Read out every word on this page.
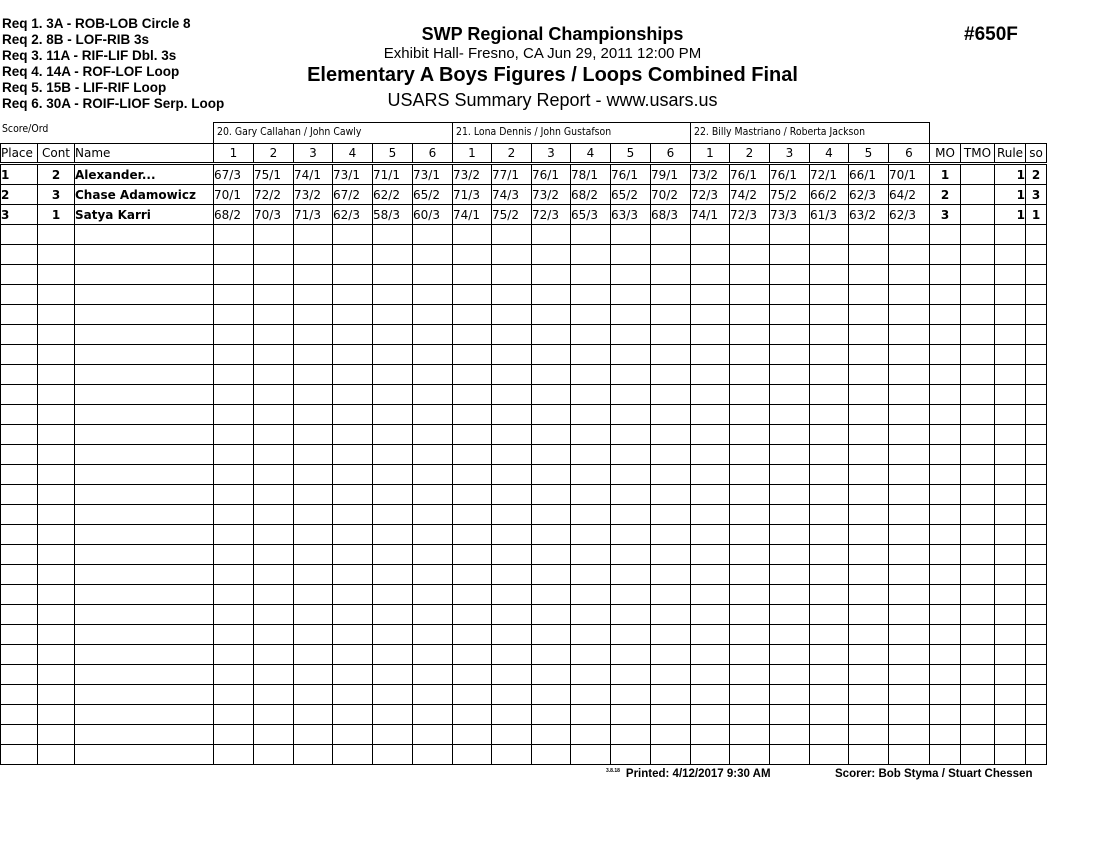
Req 1. 3A - ROB-LOB Circle 8
Req 2. 8B - LOF-RIB 3s
Req 3. 11A - RIF-LIF Dbl. 3s
Req 4. 14A - ROF-LOF Loop
Req 5. 15B - LIF-RIF Loop
Req 6. 30A - ROIF-LIOF Serp. Loop
SWP Regional Championships
Exhibit Hall- Fresno, CA Jun 29, 2011 12:00 PM
Elementary A Boys Figures / Loops Combined Final
USARS Summary Report - www.usars.us
#650F
Score/Ord	20. Gary Callahan / John Cawly	21. Lona Dennis / John Gustafson	22. Billy Mastriano / Roberta Jackson
Place	Cont	Name	1	2	3	4	5	6	1	2	3	4	5	6	1	2	3	4	5	6	MO	TMO	Rule	so
1	2	Alexander...	67/3	75/1	74/1	73/1	71/1	73/1	73/2	77/1	76/1	78/1	76/1	79/1	73/2	76/1	76/1	72/1	66/1	70/1	1		1	2
2	3	Chase Adamowicz	70/1	72/2	73/2	67/2	62/2	65/2	71/3	74/3	73/2	68/2	65/2	70/2	72/3	74/2	75/2	66/2	62/3	64/2	2		1	3
3	1	Satya Karri	68/2	70/3	71/3	62/3	58/3	60/3	74/1	75/2	72/3	65/3	63/3	68/3	74/1	72/3	73/3	61/3	63/2	62/3	3		1	1

$^{3.8.18}$ Printed: 4/12/2017 9:30 AM	Scorer: Bob Styma / Stuart Chessen
